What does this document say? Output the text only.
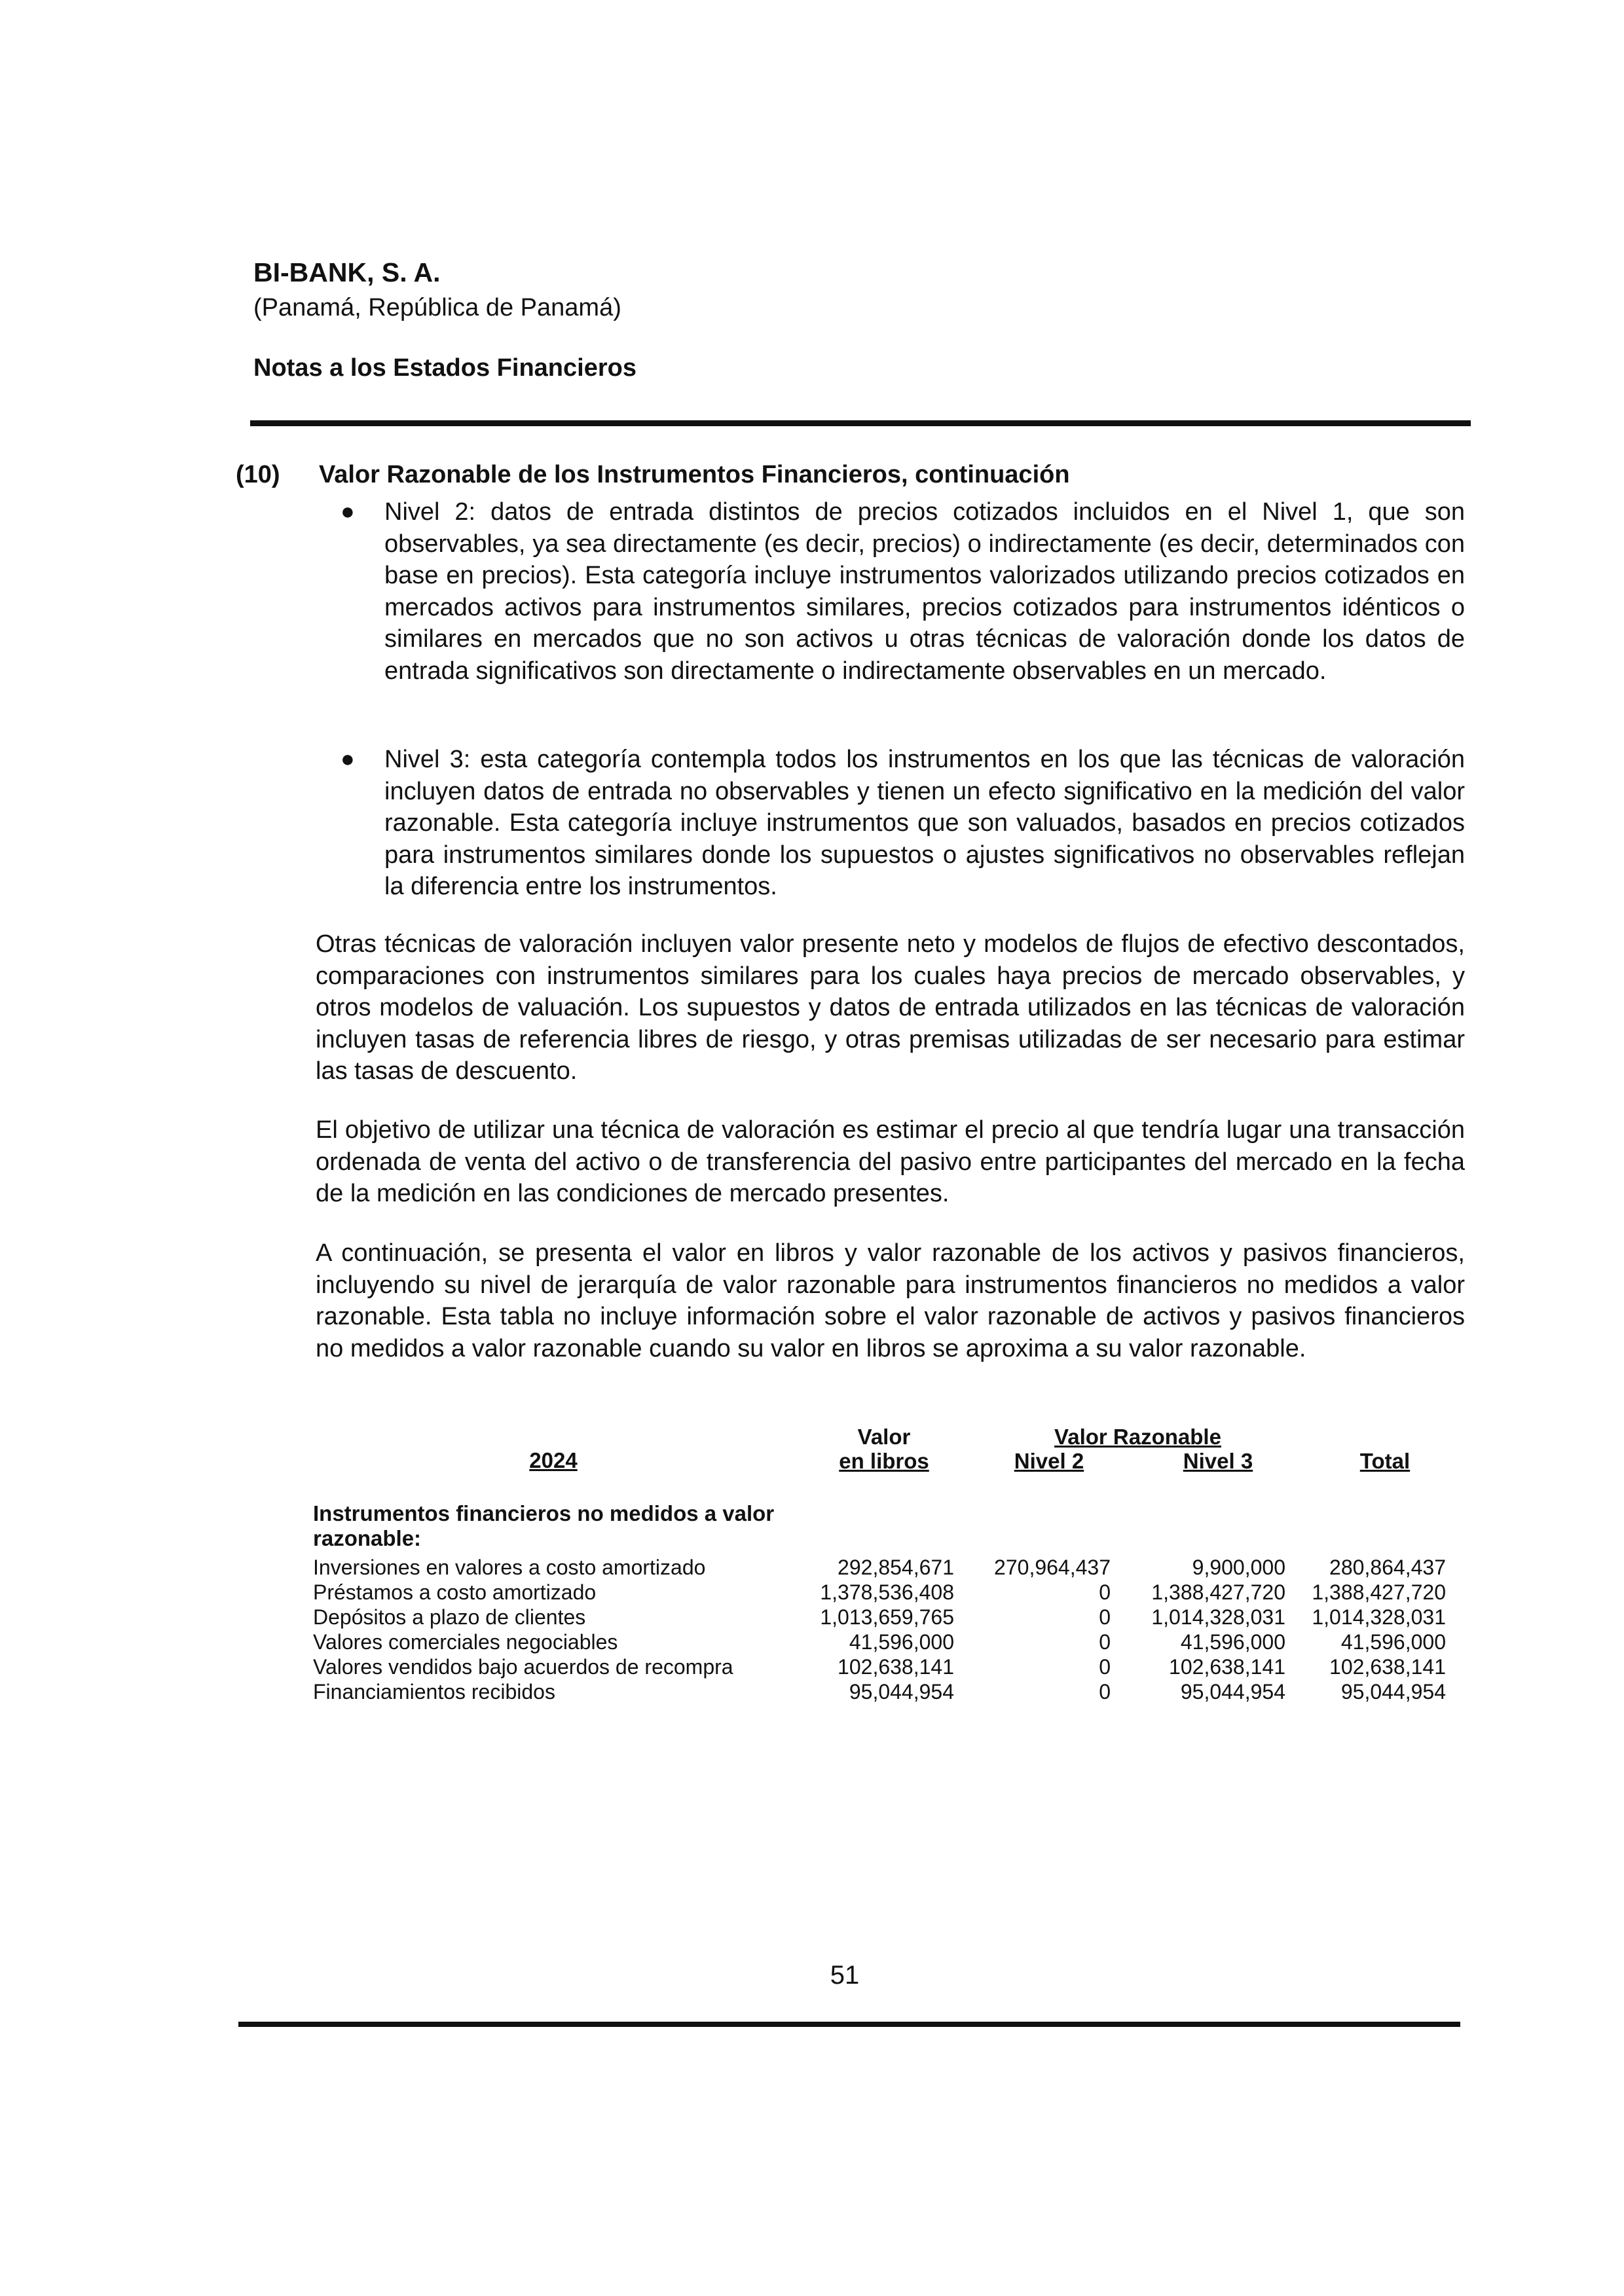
BI-BANK, S. A.
(Panamá, República de Panamá)
Notas a los Estados Financieros
(10) Valor Razonable de los Instrumentos Financieros, continuación
● Nivel 2: datos de entrada distintos de precios cotizados incluidos en el Nivel 1, que son observables, ya sea directamente (es decir, precios) o indirectamente (es decir, determinados con base en precios). Esta categoría incluye instrumentos valorizados utilizando precios cotizados en mercados activos para instrumentos similares, precios cotizados para instrumentos idénticos o similares en mercados que no son activos u otras técnicas de valoración donde los datos de entrada significativos son directamente o indirectamente observables en un mercado.

● Nivel 3: esta categoría contempla todos los instrumentos en los que las técnicas de valoración incluyen datos de entrada no observables y tienen un efecto significativo en la medición del valor razonable. Esta categoría incluye instrumentos que son valuados, basados en precios cotizados para instrumentos similares donde los supuestos o ajustes significativos no observables reflejan la diferencia entre los instrumentos.

Otras técnicas de valoración incluyen valor presente neto y modelos de flujos de efectivo descontados, comparaciones con instrumentos similares para los cuales haya precios de mercado observables, y otros modelos de valuación. Los supuestos y datos de entrada utilizados en las técnicas de valoración incluyen tasas de referencia libres de riesgo, y otras premisas utilizadas de ser necesario para estimar las tasas de descuento.

El objetivo de utilizar una técnica de valoración es estimar el precio al que tendría lugar una transacción ordenada de venta del activo o de transferencia del pasivo entre participantes del mercado en la fecha de la medición en las condiciones de mercado presentes.

A continuación, se presenta el valor en libros y valor razonable de los activos y pasivos financieros, incluyendo su nivel de jerarquía de valor razonable para instrumentos financieros no medidos a valor razonable. Esta tabla no incluye información sobre el valor razonable de activos y pasivos financieros no medidos a valor razonable cuando su valor en libros se aproxima a su valor razonable.

2024
Valor
en libros
Valor Razonable
Nivel 2	Nivel 3	Total
Instrumentos financieros no medidos a valor
razonable:
Inversiones en valores a costo amortizado	292,854,671 270,964,437	9,900,000 280,864,437
Préstamos a costo amortizado	1,378,536,408	0 1,388,427,720 1,388,427,720
Depósitos a plazo de clientes	1,013,659,765	0 1,014,328,031 1,014,328,031
Valores comerciales negociables	41,596,000	0	41,596,000	41,596,000
Valores vendidos bajo acuerdos de recompra	102,638,141	0	102,638,141 102,638,141
Financiamientos recibidos	95,044,954	0	95,044,954	95,044,954
51
